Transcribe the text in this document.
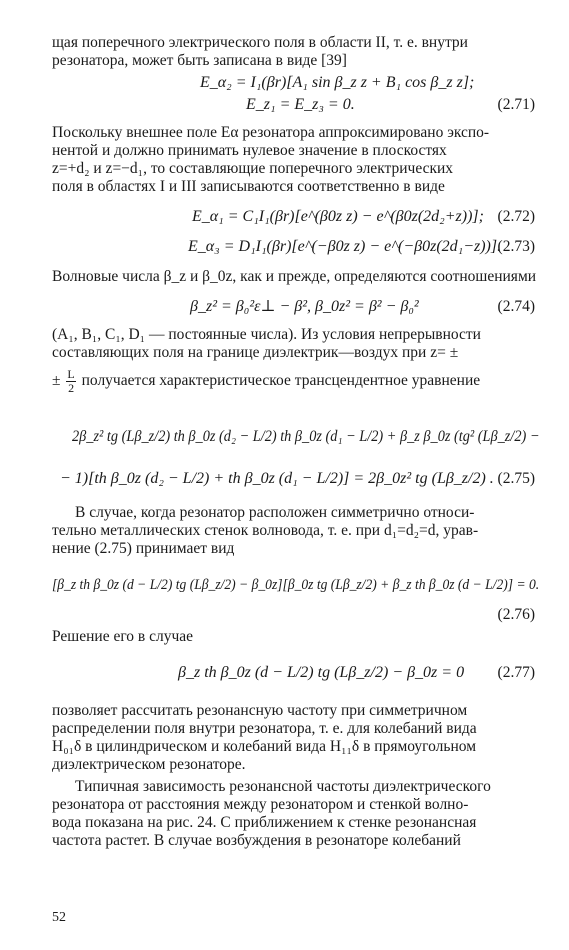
щая поперечного электрического поля в области II, т. е. внутри
резонатора, может быть записана в виде [39]
E_α₂ = I₁(βr)[A₁ sin β_z z + B₁ cos β_z z];
E_z₁ = E_z₃ = 0.	(2.71)
Поскольку внешнее поле Eα резонатора аппроксимировано экспо-
нентой и должно принимать нулевое значение в плоскостях
z=+d₂ и z=−d₁, то составляющие поперечного электрических
поля в областях I и III записываются соответственно в виде
E_α₁ = C₁I₁(βr)[e^(β0z z) − e^(β0z(2d₂+z))]; (2.72)
E_α₃ = D₁I₁(βr)[e^(−β0z z) − e^(−β0z(2d₁−z))].
(2.73)
Волновые числа β_z и β_0z, как и прежде, определяются соотношениями
β_z² = β₀²ε⊥ − β², β_0z² = β² − β₀²	(2.74)
(A₁, B₁, C₁, D₁ — постоянные числа). Из условия непрерывности
составляющих поля на границе диэлектрик—воздух при z= ±
± $\frac{L}{2}$ получается характеристическое трансцендентное уравнение
2β_z² tg (Lβ_z/2) th β_0z (d₂ − L/2) th β_0z (d₁ − L/2) + β_z β_0z (tg² (Lβ_z/2) −
− 1)[th β_0z (d₂ − L/2) + th β_0z (d₁ − L/2)] = 2β_0z² tg (Lβ_z/2) . (2.75)
В случае, когда резонатор расположен симметрично относи-
тельно металлических стенок волновода, т. е. при d₁=d₂=d, урав-
нение (2.75) принимает вид
[β_z th β_0z (d − L/2) tg (Lβ_z/2) − β_0z][β_0z tg (Lβ_z/2) + β_z th β_0z (d − L/2)] = 0.
(2.76)
Решение его в случае
β_z th β_0z (d − L/2) tg (Lβ_z/2) − β_0z = 0 (2.77)
позволяет рассчитать резонансную частоту при симметричном
распределении поля внутри резонатора, т. е. для колебаний вида
H₀₁δ в цилиндрическом и колебаний вида H₁₁δ в прямоугольном
диэлектрическом резонаторе.
Типичная зависимость резонансной частоты диэлектрического
резонатора от расстояния между резонатором и стенкой волно-
вода показана на рис. 24. С приближением к стенке резонансная
частота растет. В случае возбуждения в резонаторе колебаний
52
